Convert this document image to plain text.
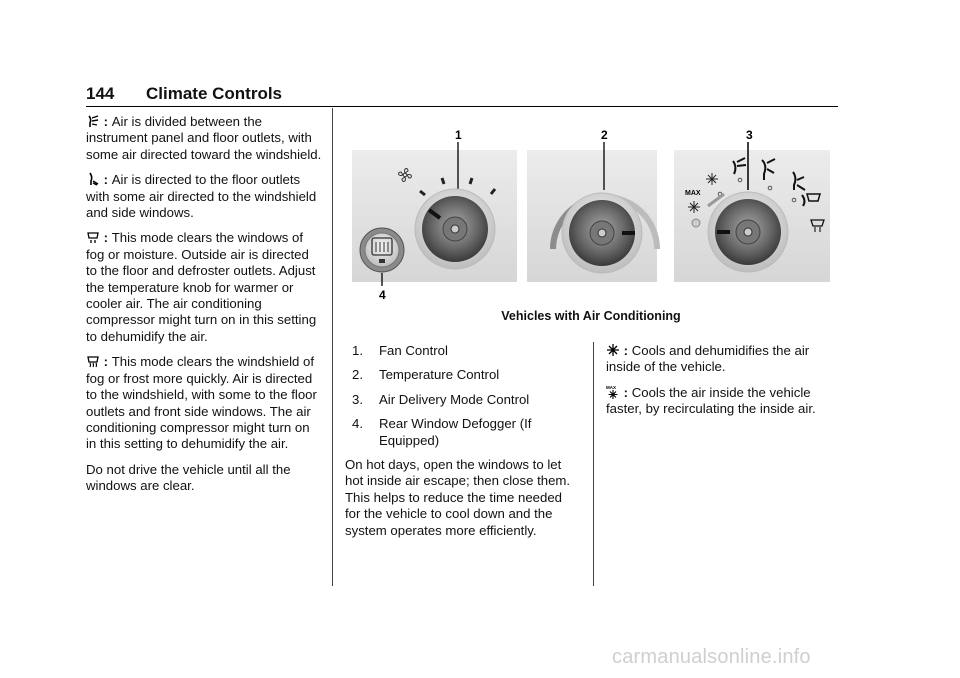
144 Climate Controls

: Air is divided between the instrument panel and floor outlets, with some air directed toward the windshield.

: Air is directed to the floor outlets with some air directed to the windshield and side windows.

: This mode clears the windows of fog or moisture. Outside air is directed to the floor and defroster outlets. Adjust the temperature knob for warmer or cooler air. The air conditioning compressor might turn on in this setting to dehumidify the air.

: This mode clears the windshield of fog or frost more quickly. Air is directed to the windshield, with some to the floor outlets and front side windows. The air conditioning compressor might turn on in this setting to dehumidify the air.

Do not drive the vehicle until all the windows are clear.

1	2	3
4
MAX
Vehicles with Air Conditioning
1. Fan Control
2. Temperature Control
3. Air Delivery Mode Control
4. Rear Window Defogger (If Equipped)

On hot days, open the windows to let hot inside air escape; then close them. This helps to reduce the time needed for the vehicle to cool down and the system operates more efficiently.

: Cools and dehumidifies the air inside of the vehicle.

MAX : Cools the air inside the vehicle faster, by recirculating the inside air.

carmanualsonline.info
